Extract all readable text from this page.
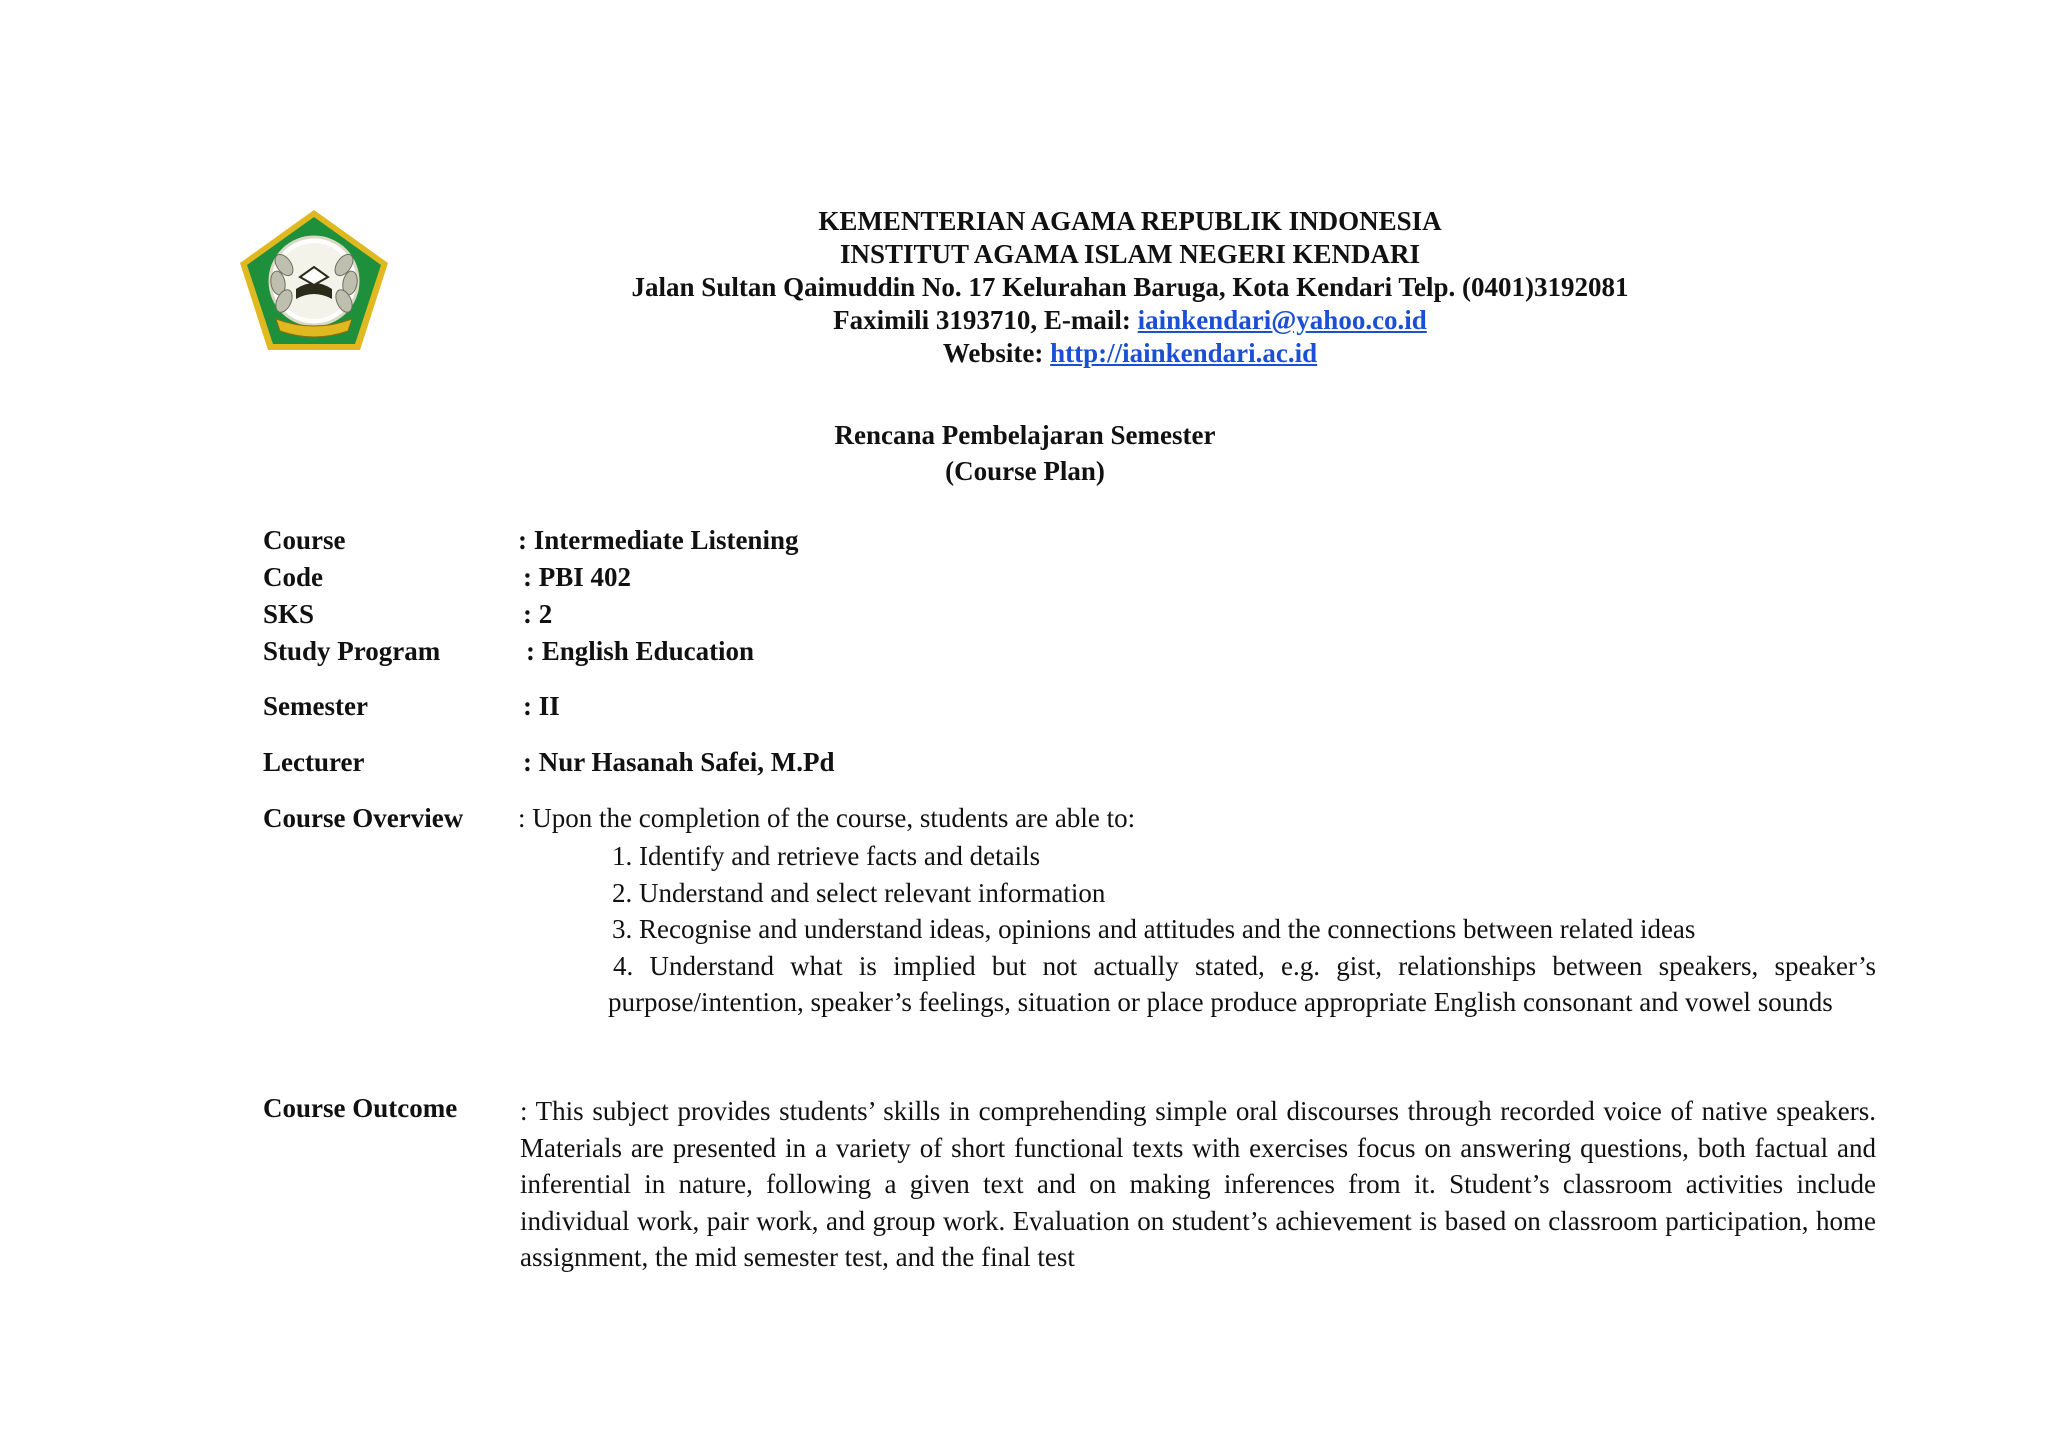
KEMENTERIAN AGAMA REPUBLIK INDONESIA
INSTITUT AGAMA ISLAM NEGERI KENDARI
Jalan Sultan Qaimuddin No. 17 Kelurahan Baruga, Kota Kendari Telp. (0401)3192081
Faximili 3193710, E-mail: iainkendari@yahoo.co.id
Website: http://iainkendari.ac.id
Rencana Pembelajaran Semester
(Course Plan)
Course	: Intermediate Listening
Code	: PBI 402
SKS	: 2
Study Program	: English Education
Semester	: II
Lecturer	: Nur Hasanah Safei, M.Pd
Course Overview : Upon the completion of the course, students are able to:
1. Identify and retrieve facts and details
2. Understand and select relevant information
3. Recognise and understand ideas, opinions and attitudes and the connections between related ideas
4. Understand what is implied but not actually stated, e.g. gist, relationships between speakers, speaker’s purpose/intention, speaker’s feelings, situation or place produce appropriate English consonant and vowel sounds
Course Outcome : This subject provides students’ skills in comprehending simple oral discourses through recorded voice of native speakers. Materials are presented in a variety of short functional texts with exercises focus on answering questions, both factual and inferential in nature, following a given text and on making inferences from it. Student’s classroom activities include individual work, pair work, and group work. Evaluation on student’s achievement is based on classroom participation, home assignment, the mid semester test, and the final test
